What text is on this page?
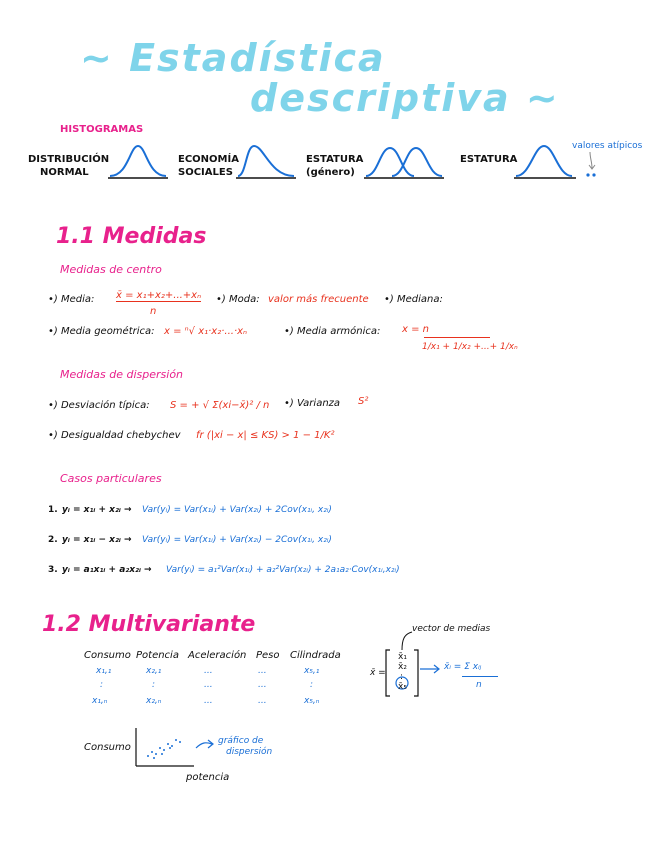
~ Estadística
descriptiva ~
HISTOGRAMAS
DISTRIBUCIÓN
NORMAL
ECONOMÍA
SOCIALES
ESTATURA
(género)
ESTATURA
valores atípicos
1.1 Medidas
Medidas de centro
•) Media: x̄ = x₁+x₂+...+xₙ
n
•) Moda: valor más frecuente •) Mediana:
•) Media geométrica: x = ⁿ√ x₁·x₂·...·xₙ	•) Media armónica: x = n
1/x₁ + 1/x₂ +...+ 1/xₙ
Medidas de dispersión
•) Desviación típica: S = + √ Σ(xi−x̄)² / n •) Varianza S²
•) Desigualdad chebychev fr (|xi − x| ≤ KS) > 1 − 1/K²
Casos particulares
1. yᵢ = x₁ᵢ + x₂ᵢ → Var(yᵢ) = Var(x₁ᵢ) + Var(x₂ᵢ) + 2Cov(x₁ᵢ, x₂ᵢ)
2. yᵢ = x₁ᵢ − x₂ᵢ → Var(yᵢ) = Var(x₁ᵢ) + Var(x₂ᵢ) − 2Cov(x₁ᵢ, x₂ᵢ)
3. yᵢ = a₁x₁ᵢ + a₂x₂ᵢ → Var(yᵢ) = a₁²Var(x₁ᵢ) + a₂²Var(x₂ᵢ) + 2a₁a₂·Cov(x₁ᵢ,x₂ᵢ)
1.2 Multivariante
Consumo Potencia Aceleración Peso Cilindrada
x₁,₁	x₂,₁	...	...	x₅,₁
:	:	...	...	:
x₁,ₙ	x₂,ₙ	...	...	x₅,ₙ
vector de medias
x̄ =
x̄₁
x̄₂
:
x̄₅
x̄ᵢ = Σ xᵢⱼ
n
Consumo
potencia
gráfico de
dispersión
